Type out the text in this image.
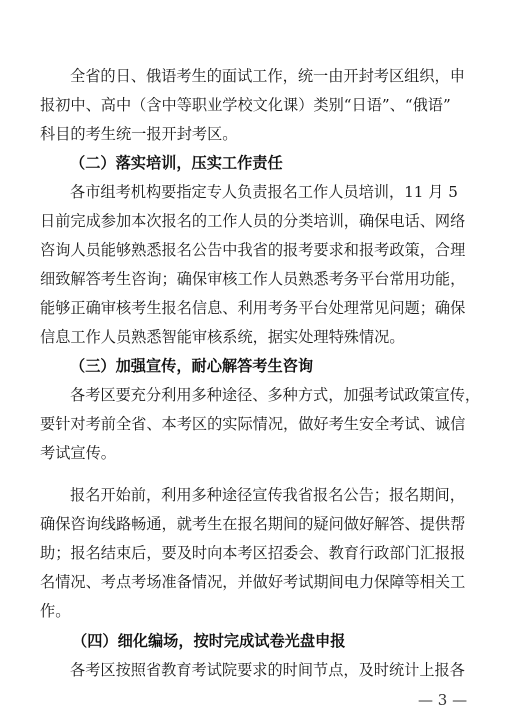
全省的日、俄语考生的面试工作，统一由开封考区组织，申
报初中、高中（含中等职业学校文化课）类别“日语”、“俄语”
科目的考生统一报开封考区。
（二）落实培训，压实工作责任
各市组考机构要指定专人负责报名工作人员培训，11 月 5
日前完成参加本次报名的工作人员的分类培训，确保电话、网络
咨询人员能够熟悉报名公告中我省的报考要求和报考政策，合理
细致解答考生咨询；确保审核工作人员熟悉考务平台常用功能，
能够正确审核考生报名信息、利用考务平台处理常见问题；确保
信息工作人员熟悉智能审核系统，据实处理特殊情况。
（三）加强宣传，耐心解答考生咨询
各考区要充分利用多种途径、多种方式，加强考试政策宣传，
要针对考前全省、本考区的实际情况，做好考生安全考试、诚信
考试宣传。
报名开始前，利用多种途径宣传我省报名公告；报名期间，
确保咨询线路畅通，就考生在报名期间的疑问做好解答、提供帮
助；报名结束后，要及时向本考区招委会、教育行政部门汇报报
名情况、考点考场准备情况，并做好考试期间电力保障等相关工
作。
（四）细化编场，按时完成试卷光盘申报
各考区按照省教育考试院要求的时间节点，及时统计上报各
— 3 —
